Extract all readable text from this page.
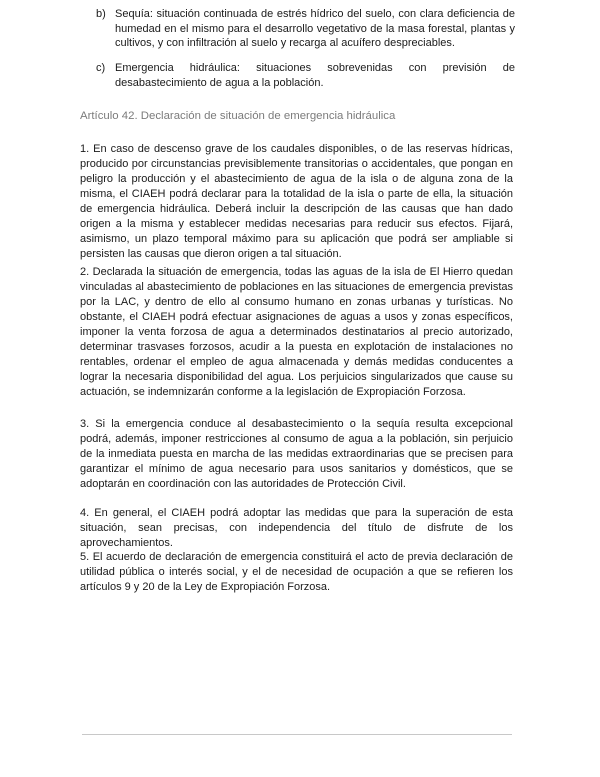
b) Sequía: situación continuada de estrés hídrico del suelo, con clara deficiencia de humedad en el mismo para el desarrollo vegetativo de la masa forestal, plantas y cultivos, y con infiltración al suelo y recarga al acuífero despreciables.
c) Emergencia hidráulica: situaciones sobrevenidas con previsión de desabastecimiento de agua a la población.
Artículo 42. Declaración de situación de emergencia hidráulica

1. En caso de descenso grave de los caudales disponibles, o de las reservas hídricas, producido por circunstancias previsiblemente transitorias o accidentales, que pongan en peligro la producción y el abastecimiento de agua de la isla o de alguna zona de la misma, el CIAEH podrá declarar para la totalidad de la isla o parte de ella, la situación de emergencia hidráulica. Deberá incluir la descripción de las causas que han dado origen a la misma y establecer medidas necesarias para reducir sus efectos. Fijará, asimismo, un plazo temporal máximo para su aplicación que podrá ser ampliable si persisten las causas que dieron origen a tal situación.

2. Declarada la situación de emergencia, todas las aguas de la isla de El Hierro quedan vinculadas al abastecimiento de poblaciones en las situaciones de emergencia previstas por la LAC, y dentro de ello al consumo humano en zonas urbanas y turísticas. No obstante, el CIAEH podrá efectuar asignaciones de aguas a usos y zonas específicos, imponer la venta forzosa de agua a determinados destinatarios al precio autorizado, determinar trasvases forzosos, acudir a la puesta en explotación de instalaciones no rentables, ordenar el empleo de agua almacenada y demás medidas conducentes a lograr la necesaria disponibilidad del agua. Los perjuicios singularizados que cause su actuación, se indemnizarán conforme a la legislación de Expropiación Forzosa.

3. Si la emergencia conduce al desabastecimiento o la sequía resulta excepcional podrá, además, imponer restricciones al consumo de agua a la población, sin perjuicio de la inmediata puesta en marcha de las medidas extraordinarias que se precisen para garantizar el mínimo de agua necesario para usos sanitarios y domésticos, que se adoptarán en coordinación con las autoridades de Protección Civil.

4. En general, el CIAEH podrá adoptar las medidas que para la superación de esta situación, sean precisas, con independencia del título de disfrute de los aprovechamientos.

5. El acuerdo de declaración de emergencia constituirá el acto de previa declaración de utilidad pública o interés social, y el de necesidad de ocupación a que se refieren los artículos 9 y 20 de la Ley de Expropiación Forzosa.
